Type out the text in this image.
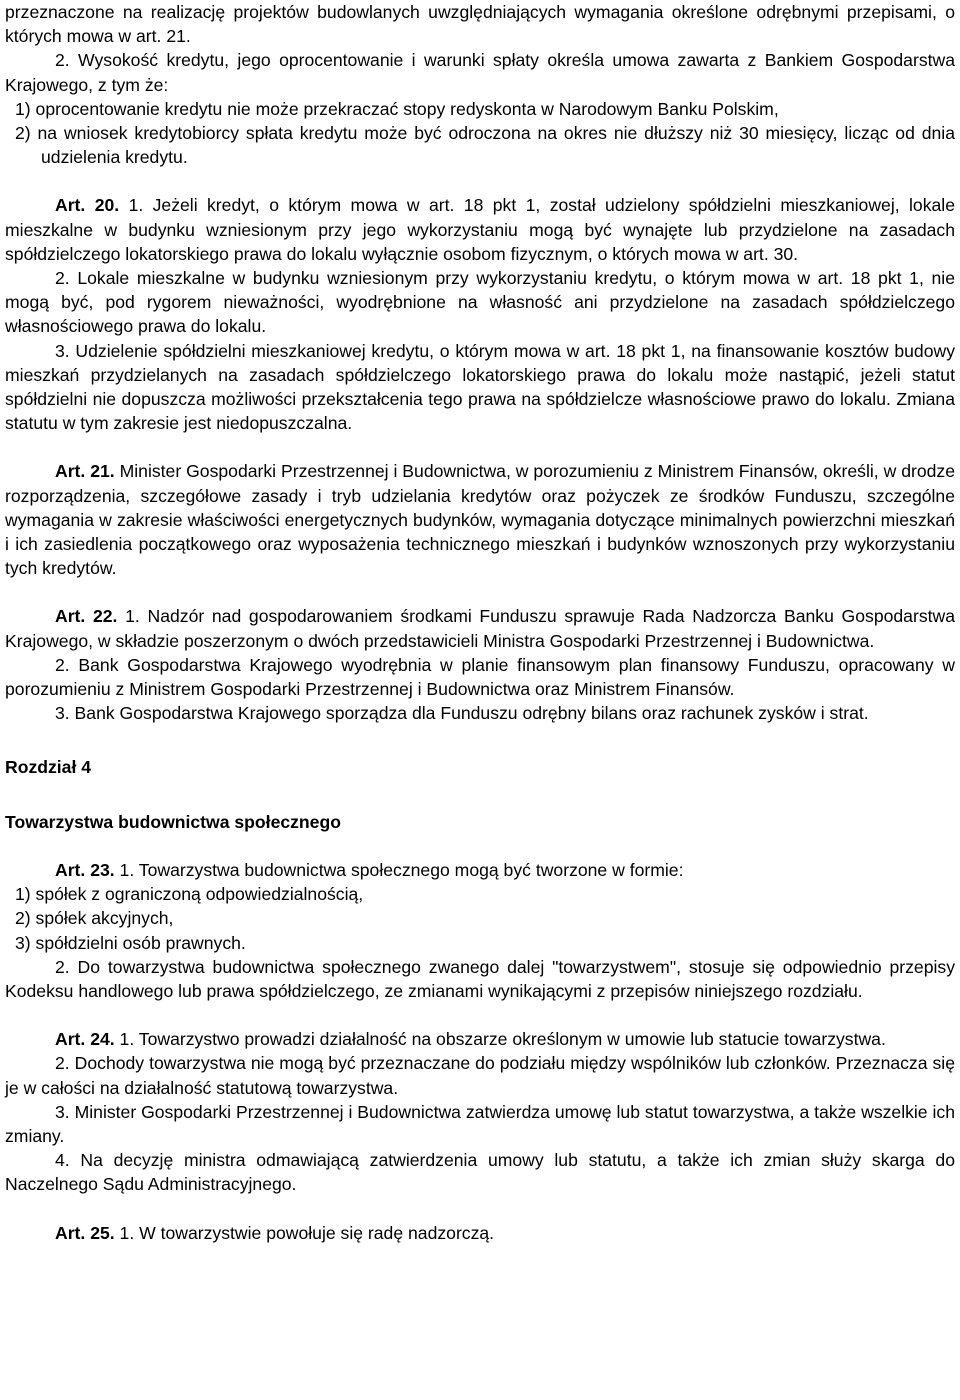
przeznaczone na realizację projektów budowlanych uwzględniających wymagania określone odrębnymi przepisami, o których mowa w art. 21.

2. Wysokość kredytu, jego oprocentowanie i warunki spłaty określa umowa zawarta z Bankiem Gospodarstwa Krajowego, z tym że:

1) oprocentowanie kredytu nie może przekraczać stopy redyskonta w Narodowym Banku Polskim,

2) na wniosek kredytobiorcy spłata kredytu może być odroczona na okres nie dłuższy niż 30 miesięcy, licząc od dnia udzielenia kredytu.

Art. 20. 1. Jeżeli kredyt, o którym mowa w art. 18 pkt 1, został udzielony spółdzielni mieszkaniowej, lokale mieszkalne w budynku wzniesionym przy jego wykorzystaniu mogą być wynajęte lub przydzielone na zasadach spółdzielczego lokatorskiego prawa do lokalu wyłącznie osobom fizycznym, o których mowa w art. 30.

2. Lokale mieszkalne w budynku wzniesionym przy wykorzystaniu kredytu, o którym mowa w art. 18 pkt 1, nie mogą być, pod rygorem nieważności, wyodrębnione na własność ani przydzielone na zasadach spółdzielczego własnościowego prawa do lokalu.

3. Udzielenie spółdzielni mieszkaniowej kredytu, o którym mowa w art. 18 pkt 1, na finansowanie kosztów budowy mieszkań przydzielanych na zasadach spółdzielczego lokatorskiego prawa do lokalu może nastąpić, jeżeli statut spółdzielni nie dopuszcza możliwości przekształcenia tego prawa na spółdzielcze własnościowe prawo do lokalu. Zmiana statutu w tym zakresie jest niedopuszczalna.

Art. 21. Minister Gospodarki Przestrzennej i Budownictwa, w porozumieniu z Ministrem Finansów, określi, w drodze rozporządzenia, szczegółowe zasady i tryb udzielania kredytów oraz pożyczek ze środków Funduszu, szczególne wymagania w zakresie właściwości energetycznych budynków, wymagania dotyczące minimalnych powierzchni mieszkań i ich zasiedlenia początkowego oraz wyposażenia technicznego mieszkań i budynków wznoszonych przy wykorzystaniu tych kredytów.

Art. 22. 1. Nadzór nad gospodarowaniem środkami Funduszu sprawuje Rada Nadzorcza Banku Gospodarstwa Krajowego, w składzie poszerzonym o dwóch przedstawicieli Ministra Gospodarki Przestrzennej i Budownictwa.

2. Bank Gospodarstwa Krajowego wyodrębnia w planie finansowym plan finansowy Funduszu, opracowany w porozumieniu z Ministrem Gospodarki Przestrzennej i Budownictwa oraz Ministrem Finansów.

3. Bank Gospodarstwa Krajowego sporządza dla Funduszu odrębny bilans oraz rachunek zysków i strat.

Rozdział 4

Towarzystwa budownictwa społecznego

Art. 23. 1. Towarzystwa budownictwa społecznego mogą być tworzone w formie:

1) spółek z ograniczoną odpowiedzialnością,

2) spółek akcyjnych,

3) spółdzielni osób prawnych.

2. Do towarzystwa budownictwa społecznego zwanego dalej "towarzystwem", stosuje się odpowiednio przepisy Kodeksu handlowego lub prawa spółdzielczego, ze zmianami wynikającymi z przepisów niniejszego rozdziału.

Art. 24. 1. Towarzystwo prowadzi działalność na obszarze określonym w umowie lub statucie towarzystwa.

2. Dochody towarzystwa nie mogą być przeznaczane do podziału między wspólników lub członków. Przeznacza się je w całości na działalność statutową towarzystwa.

3. Minister Gospodarki Przestrzennej i Budownictwa zatwierdza umowę lub statut towarzystwa, a także wszelkie ich zmiany.

4. Na decyzję ministra odmawiającą zatwierdzenia umowy lub statutu, a także ich zmian służy skarga do Naczelnego Sądu Administracyjnego.

Art. 25. 1. W towarzystwie powołuje się radę nadzorczą.
